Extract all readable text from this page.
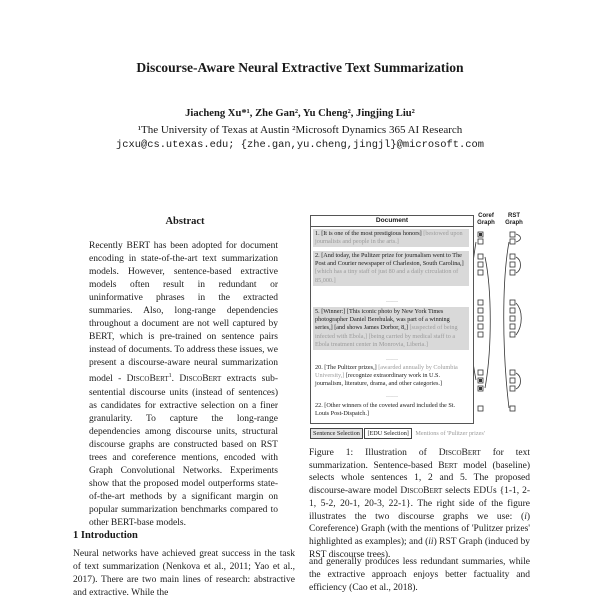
Discourse-Aware Neural Extractive Text Summarization
Jiacheng Xu*¹, Zhe Gan², Yu Cheng², Jingjing Liu²
¹The University of Texas at Austin ²Microsoft Dynamics 365 AI Research
jcxu@cs.utexas.edu; {zhe.gan,yu.cheng,jingjl}@microsoft.com
Abstract
Recently BERT has been adopted for document encoding in state-of-the-art text summarization models. However, sentence-based extractive models often result in redundant or uninformative phrases in the extracted summaries. Also, long-range dependencies throughout a document are not well captured by BERT, which is pre-trained on sentence pairs instead of documents. To address these issues, we present a discourse-aware neural summarization model - DiscoBert$^1$. DiscoBert extracts sub-sentential discourse units (instead of sentences) as candidates for extractive selection on a finer granularity. To capture the long-range dependencies among discourse units, structural discourse graphs are constructed based on RST trees and coreference mentions, encoded with Graph Convolutional Networks. Experiments show that the proposed model outperforms state-of-the-art methods by a significant margin on popular summarization benchmarks compared to other BERT-base models.
1 Introduction
Neural networks have achieved great success in the task of text summarization (Nenkova et al., 2011; Yao et al., 2017). There are two main lines of research: abstractive and extractive. While the
Document
1. [It is one of the most prestigious honors] [bestowed upon journalists and people in the arts.]
2. [And today, the Pulitzer prize for journalism went to The Post and Courier newspaper of Charleston, South Carolina,] [which has a tiny staff of just 80 and a daily circulation of 85,000.]
……
5. [Winner:] [This iconic photo by New York Times photographer Daniel Berehulak, was part of a winning series,] [and shows James Dorbor, 8,] [suspected of being infected with Ebola,] [being carried by medical staff to a Ebola treatment center in Monrovia, Liberia.]
……
20. [The Pulitzer prizes,] [awarded annually by Columbia University,] [recognize extraordinary work in U.S. journalism, literature, drama, and other categories.]
……
22. [Other winners of the coveted award included the St. Louis Post-Dispatch.]
Coref Graph
RST Graph
Sentence Selection [EDU Selection] Mentions of 'Pulitzer prizes'
Figure 1: Illustration of DiscoBert for text summarization. Sentence-based Bert model (baseline) selects whole sentences 1, 2 and 5. The proposed discourse-aware model DiscoBert selects EDUs {1-1, 2-1, 5-2, 20-1, 20-3, 22-1}. The right side of the figure illustrates the two discourse graphs we use: (i) Coreference) Graph (with the mentions of 'Pulitzer prizes' highlighted as examples); and (ii) RST Graph (induced by RST discourse trees).
and generally produces less redundant summaries, while the extractive approach enjoys better factuality and efficiency (Cao et al., 2018).
